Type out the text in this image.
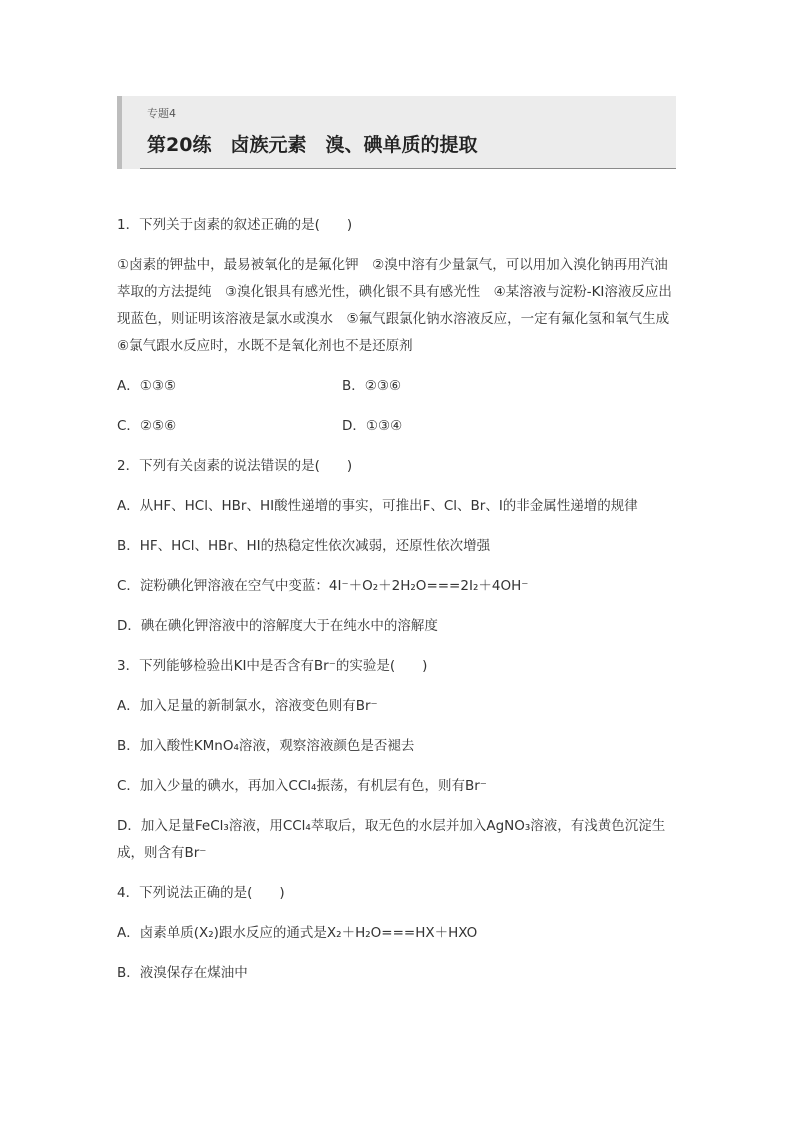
专题4
第20练　卤族元素　溴、碘单质的提取

1．下列关于卤素的叙述正确的是(　　)

①卤素的钾盐中，最易被氧化的是氟化钾　②溴中溶有少量氯气，可以用加入溴化钠再用汽油萃取的方法提纯　③溴化银具有感光性，碘化银不具有感光性　④某溶液与淀粉-KI溶液反应出现蓝色，则证明该溶液是氯水或溴水　⑤氟气跟氯化钠水溶液反应，一定有氟化氢和氧气生成　⑥氯气跟水反应时，水既不是氧化剂也不是还原剂

A．①③⑤	B．②③⑥
C．②⑤⑥	D．①③④

2．下列有关卤素的说法错误的是(　　)

A．从HF、HCl、HBr、HI酸性递增的事实，可推出F、Cl、Br、I的非金属性递增的规律

B．HF、HCl、HBr、HI的热稳定性依次减弱，还原性依次增强

C．淀粉碘化钾溶液在空气中变蓝：4I⁻＋O₂＋2H₂O===2I₂＋4OH⁻

D．碘在碘化钾溶液中的溶解度大于在纯水中的溶解度

3．下列能够检验出KI中是否含有Br⁻的实验是(　　)

A．加入足量的新制氯水，溶液变色则有Br⁻

B．加入酸性KMnO₄溶液，观察溶液颜色是否褪去

C．加入少量的碘水，再加入CCl₄振荡，有机层有色，则有Br⁻

D．加入足量FeCl₃溶液，用CCl₄萃取后，取无色的水层并加入AgNO₃溶液，有浅黄色沉淀生成，则含有Br⁻

4．下列说法正确的是(　　)

A．卤素单质(X₂)跟水反应的通式是X₂＋H₂O===HX＋HXO

B．液溴保存在煤油中
